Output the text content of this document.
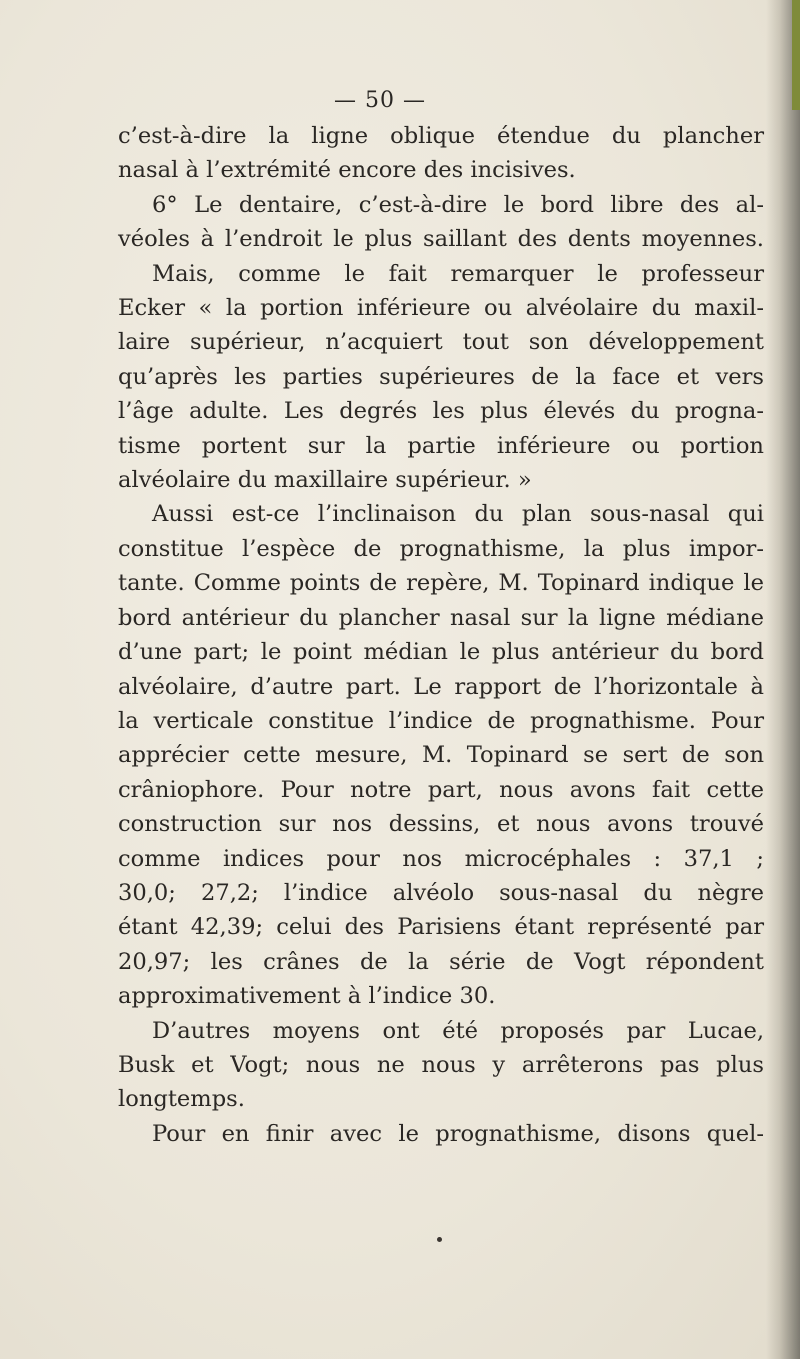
— 50 —
c’est-à-dire la ligne oblique étendue du plancher
nasal à l’extrémité encore des incisives.
6° Le dentaire, c’est-à-dire le bord libre des al-
véoles à l’endroit le plus saillant des dents moyennes.
Mais, comme le fait remarquer le professeur
Ecker « la portion inférieure ou alvéolaire du maxil-
laire supérieur, n’acquiert tout son développement
qu’après les parties supérieures de la face et vers
l’âge adulte. Les degrés les plus élevés du progna-
tisme portent sur la partie inférieure ou portion
alvéolaire du maxillaire supérieur. »
Aussi est-ce l’inclinaison du plan sous-nasal qui
constitue l’espèce de prognathisme, la plus impor-
tante. Comme points de repère, M. Topinard indique le
bord antérieur du plancher nasal sur la ligne médiane
d’une part; le point médian le plus antérieur du bord
alvéolaire, d’autre part. Le rapport de l’horizontale à
la verticale constitue l’indice de prognathisme. Pour
apprécier cette mesure, M. Topinard se sert de son
crâniophore. Pour notre part, nous avons fait cette
construction sur nos dessins, et nous avons trouvé
comme indices pour nos microcéphales : 37,1 ;
30,0; 27,2; l’indice alvéolo sous-nasal du nègre
étant 42,39; celui des Parisiens étant représenté par
20,97; les crânes de la série de Vogt répondent
approximativement à l’indice 30.
D’autres moyens ont été proposés par Lucae,
Busk et Vogt; nous ne nous y arrêterons pas plus
longtemps.
Pour en finir avec le prognathisme, disons quel-
